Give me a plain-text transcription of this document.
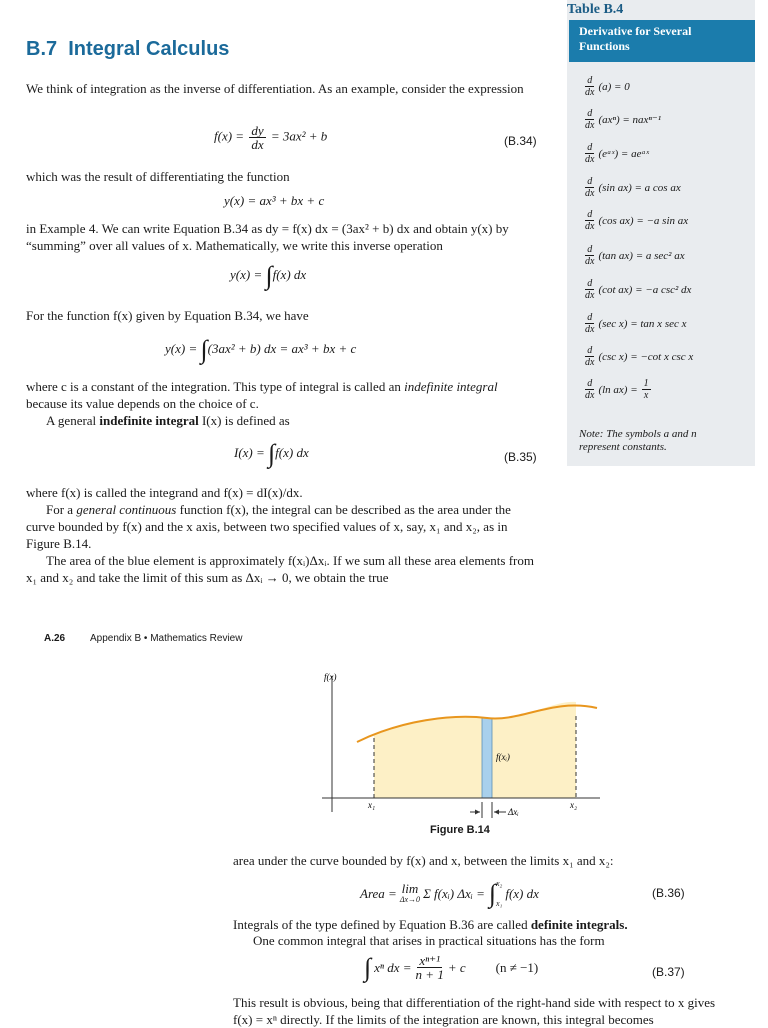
B.7 Integral Calculus
We think of integration as the inverse of differentiation. As an example, consider the expression
$f(x) = \frac{dy}{dx} = 3ax^2 + b$	(B.34)
which was the result of differentiating the function
y(x) = ax³ + bx + c
in Example 4. We can write Equation B.34 as dy = f(x) dx = (3ax² + b) dx and obtain y(x) by “summing” over all values of x. Mathematically, we write this inverse operation
y(x) = ∫f(x) dx
For the function f(x) given by Equation B.34, we have
y(x) = ∫(3ax² + b) dx = ax³ + bx + c
where c is a constant of the integration. This type of integral is called an indefinite integral because its value depends on the choice of c.
A general indefinite integral I(x) is defined as
I(x) = ∫f(x) dx	(B.35)
where f(x) is called the integrand and f(x) = dI(x)/dx.
For a general continuous function f(x), the integral can be described as the area under the curve bounded by f(x) and the x axis, between two specified values of x, say, x₁ and x₂, as in Figure B.14.
The area of the blue element is approximately f(xᵢ)Δxᵢ. If we sum all these area elements from x₁ and x₂ and take the limit of this sum as Δxᵢ → 0, we obtain the true
Table B.4
Derivative for Several Functions
$\frac{d}{dx} (a) = 0$
$\frac{d}{dx} (ax^n) = nax^{n-1}$
$\frac{d}{dx}$ (eᵃˣ) = aeᵃˣ
$\frac{d}{dx} (\sin$ ax) = a cos ax
$\frac{d}{dx} (\cos$ ax) = −a sin ax
$\frac{d}{dx} (\tan$ ax) = a sec² ax
$\frac{d}{dx} (\cot$ ax) = −a csc² dx
$\frac{d}{dx} (\sec$ x) = tan x sec x
$\frac{d}{dx} (\csc$ x) = −cot x csc x
$\frac{d}{dx} (\ln$ $ax) = \frac{1}{x}$
Note: The symbols a and n represent constants.
A.26 Appendix B • Mathematics Review
f(x)
x₁	x₂
f(xᵢ)
Δxᵢ
Figure B.14
area under the curve bounded by f(x) and x, between the limits x₁ and x₂:
Area = lim
Δx→0 Σ f(xᵢ) Δxᵢ = ∫ x₂
x₁
f(x) dx	(B.36)
Integrals of the type defined by Equation B.36 are called definite integrals.
One common integral that arises in practical situations has the form
∫ xⁿ dx = $\frac{\text{xⁿ⁺¹}}{n + 1} + c$ (n ≠ −1)	(B.37)
This result is obvious, being that differentiation of the right-hand side with respect to x gives f(x) = xⁿ directly. If the limits of the integration are known, this integral becomes
